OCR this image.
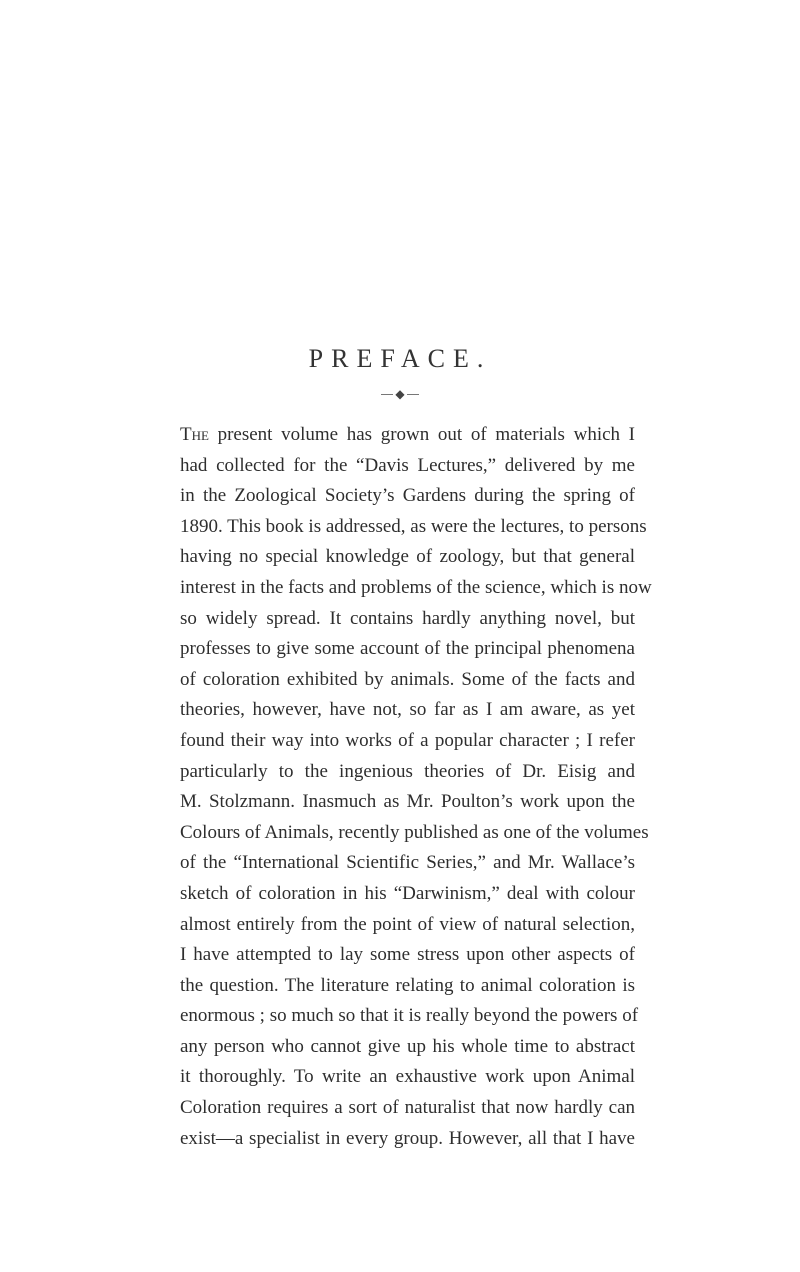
PREFACE.
◆
The present volume has grown out of materials which I
had collected for the “Davis Lectures,” delivered by me
in the Zoological Society’s Gardens during the spring of
1890. This book is addressed, as were the lectures, to persons
having no special knowledge of zoology, but that general
interest in the facts and problems of the science, which is now
so widely spread. It contains hardly anything novel, but
professes to give some account of the principal phenomena
of coloration exhibited by animals. Some of the facts and
theories, however, have not, so far as I am aware, as yet
found their way into works of a popular character ; I refer
particularly to the ingenious theories of Dr. Eisig and
M. Stolzmann. Inasmuch as Mr. Poulton’s work upon the
Colours of Animals, recently published as one of the volumes
of the “International Scientific Series,” and Mr. Wallace’s
sketch of coloration in his “Darwinism,” deal with colour
almost entirely from the point of view of natural selection,
I have attempted to lay some stress upon other aspects of
the question. The literature relating to animal coloration is
enormous ; so much so that it is really beyond the powers of
any person who cannot give up his whole time to abstract
it thoroughly. To write an exhaustive work upon Animal
Coloration requires a sort of naturalist that now hardly can
exist—a specialist in every group. However, all that I have
